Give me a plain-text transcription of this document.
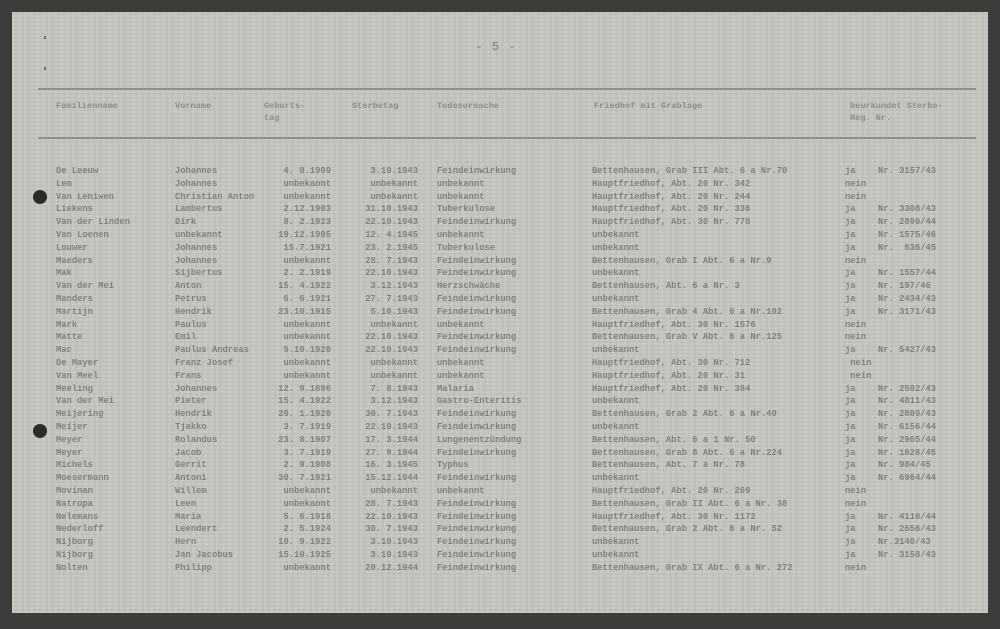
- 5 -
Familienname	Vorname	Geburts-
tag
Sterbetag	Todesursache	Friedhof mit Grablage	beurkundet Sterbe-
Reg. Nr.
De Leeuw	Johannes	4. 8.1909	3.10.1943 Feindeinwirkung	Bettenhausen, Grab III Abt. 6 a Nr.70	ja	Nr. 3157/43
Lem	Johannes	unbekannt	unbekannt unbekannt	Hauptfriedhof, Abt. 20 Nr. 342	nein
Van Leniwen	Christian Anton	unbekannt	unbekannt unbekannt	Hauptfriedhof, Abt. 20 Nr. 244	nein
Liekens	Lambertus	2.12.1903	31.10.1943 Tuberkulose	Hauptfriedhof, Abt. 20 Nr. 336	ja	Nr. 3308/43
Van der Linden	Dirk	8. 2.1923	22.10.1943 Feindeinwirkung	Hauptfriedhof, Abt. 30 Nr. 778	ja	Nr. 2890/44
Van Loenen	unbekannt	19.12.1905	12. 4.1945 unbekannt	unbekannt	ja	Nr. 1575/46
Louwer	Johannes	15.7.1921	23. 2.1945 Tuberkulose	unbekannt	ja	Nr.  636/45
Maeders	Johannes	unbekannt	28. 7.1943 Feindeinwirkung	Bettenhausen, Grab I Abt. 6 a Nr.9	nein
Mak	Sijbertus	2. 2.1919	22.10.1943 Feindeinwirkung	unbekannt	ja	Nr. 1557/44
Van der Mei	Anton	15. 4.1922	3.12.1943 Herzschwäche	Bettenhausen, Abt. 6 a Nr. 3	ja	Nr. 197/46
Manders	Petrus	6. 6.1921	27. 7.1943 Feindeinwirkung	unbekannt	ja	Nr. 2434/43
Martijn	Hendrik	23.10.1915	5.10.1943 Feindeinwirkung	Bettenhausen, Grab 4 Abt. 6 a Nr.102	ja	Nr. 3171/43
Mark	Paulus	unbekannt	unbekannt unbekannt	Hauptfriedhof, Abt. 30 Nr. 1576	nein
Matte	Emil	unbekannt	22.10.1943 Feindeinwirkung	Bettenhausen, Grab V Abt. 6 a Nr.125	nein
Mac	Paulus Andreas	5.10.1920	22.10.1943 Feindeinwirkung	unbekannt	ja	Nr. 5427/43
De Mayer	Franz Josef	unbekannt	unbekannt unbekannt	Hauptfriedhof, Abt. 30 Nr. 712	nein
Van Meel	Frans	unbekannt	unbekannt unbekannt	Hauptfriedhof, Abt. 20 Nr. 31	nein
Meeling	Johannes	12. 9.1896	7. 8.1943 Malaria	Hauptfriedhof, Abt. 20 Nr. 384	ja	Nr. 2502/43
Van der Mei	Pieter	15. 4.1922	3.12.1943 Gastro-Enteritis	unbekannt	ja	Nr. 4811/43
Meijering	Hendrik	20. 1.1920	30. 7.1943 Feindeinwirkung	Bettenhausen, Grab 2 Abt. 6 a Nr.40	ja	Nr. 2809/43
Meijer	Tjakko	3. 7.1919	22.10.1943 Feindeinwirkung	unbekannt	ja	Nr. 6156/44
Meyer	Rolandus	23. 8.1907	17. 3.1944 Lungenentzündung	Bettenhausen, Abt. 6 a 1 Nr. 50	ja	Nr. 2965/44
Meyer	Jacob	3. 7.1919	27. 9.1944 Feindeinwirkung	Bettenhausen, Grab 8 Abt. 6 a Nr.224	ja	Nr. 1628/45
Michels	Gerrit	2. 9.1908	16. 3.1945 Typhus	Bettenhausen, Abt. 7 a Nr. 78	ja	Nr. 984/45
Moesermann	Antoni	30. 7.1921	15.12.1944 Feindeinwirkung	unbekannt	ja	Nr. 6964/44
Movinan	Willem	unbekannt	unbekannt unbekannt	Hauptfriedhof, Abt. 20 Nr. 269	nein
Natropa	Leen	unbekannt	28. 7.1943 Feindeinwirkung	Bettenhausen, Grab II Abt. 6 a Nr. 38	nein
Nelemans	Maria	5. 6.1918	22.10.1943 Feindeinwirkung	Hauptfriedhof, Abt. 30 Nr. 1172	ja	Nr. 4110/44
Nederloff	Leendert	2. 5.1924	30. 7.1943 Feindeinwirkung	Bettenhausen, Grab 2 Abt. 6 a Nr. 52	ja	Nr. 2656/43
Nijborg	Hern	10. 9.1922	3.10.1943 Feindeinwirkung	unbekannt	ja	Nr.3140/43
Nijborg	Jan Jacobus	15.10.1925	3.10.1943 Feindeinwirkung	unbekannt	ja	Nr. 3158/43
Nolten	Philipp	unbekannt	20.12.1944 Feindeinwirkung	Bettenhausen, Grab IX Abt. 6 a Nr. 272	nein
